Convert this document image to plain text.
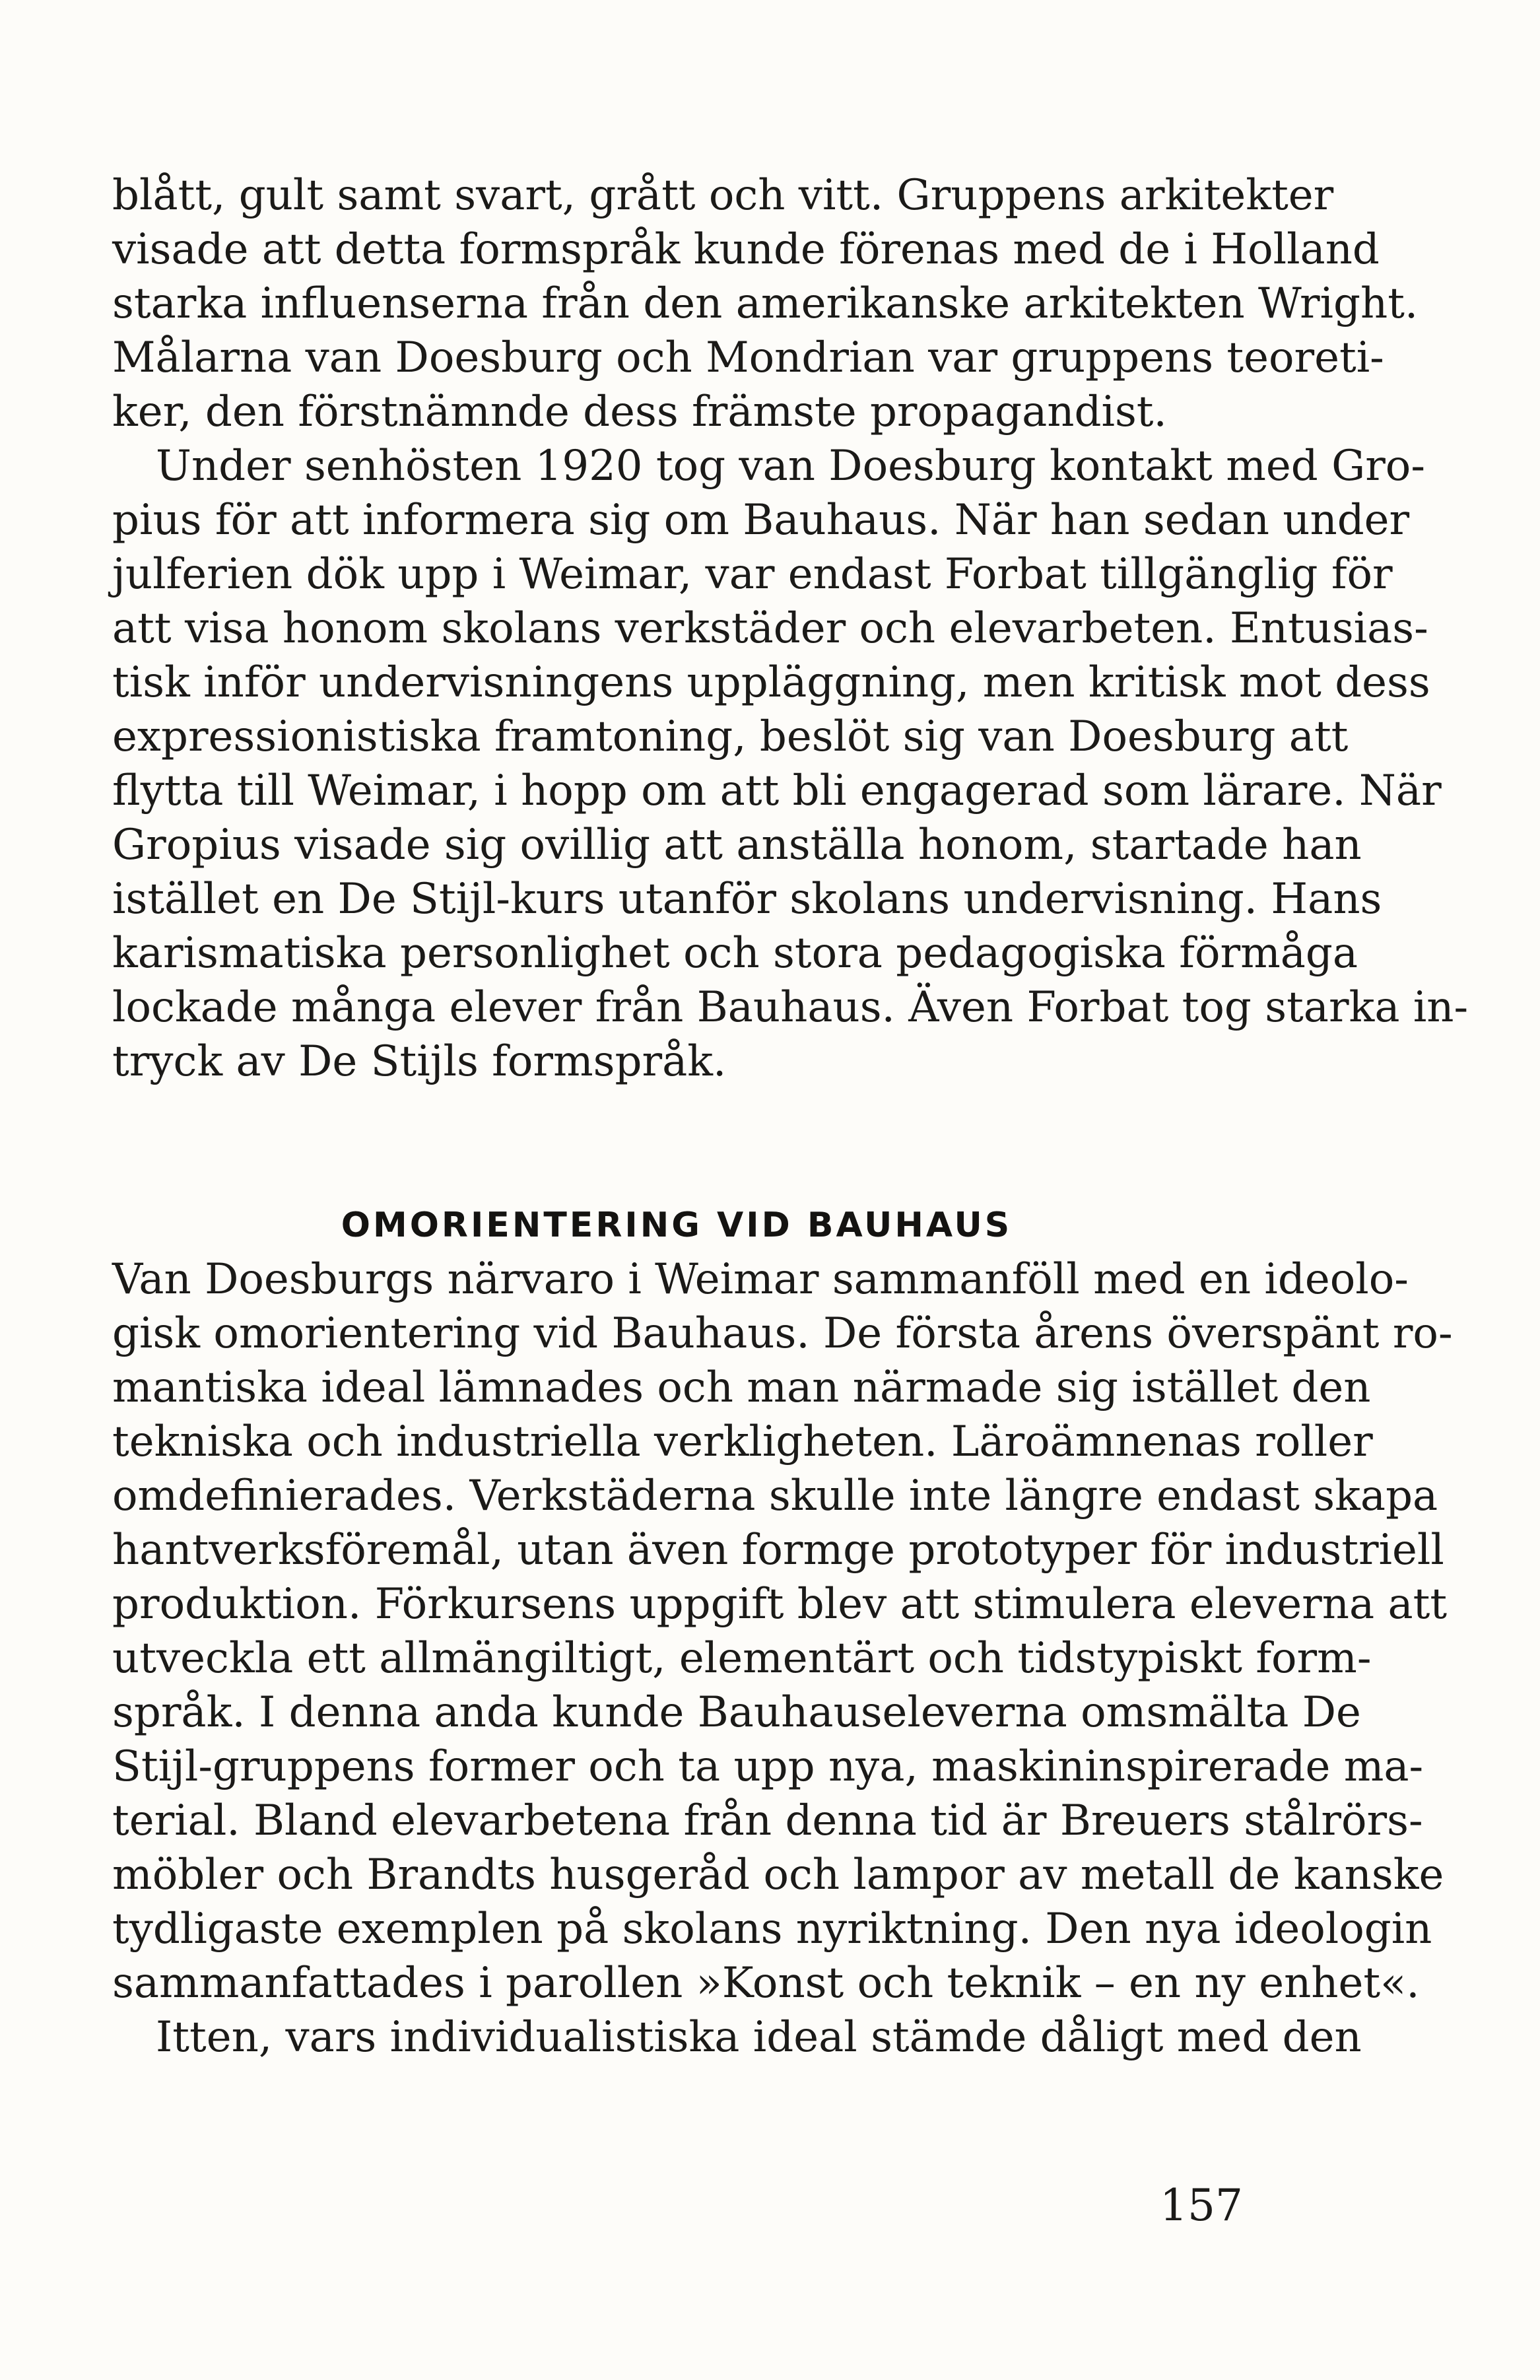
blått, gult samt svart, grått och vitt. Gruppens arkitekter
visade att detta formspråk kunde förenas med de i Holland
starka influenserna från den amerikanske arkitekten Wright.
Målarna van Doesburg och Mondrian var gruppens teoreti-
ker, den förstnämnde dess främste propagandist.

Under senhösten 1920 tog van Doesburg kontakt med Gro-
pius för att informera sig om Bauhaus. När han sedan under
julferien dök upp i Weimar, var endast Forbat tillgänglig för
att visa honom skolans verkstäder och elevarbeten. Entusias-
tisk inför undervisningens uppläggning, men kritisk mot dess
expressionistiska framtoning, beslöt sig van Doesburg att
flytta till Weimar, i hopp om att bli engagerad som lärare. När
Gropius visade sig ovillig att anställa honom, startade han
istället en De Stijl-kurs utanför skolans undervisning. Hans
karismatiska personlighet och stora pedagogiska förmåga
lockade många elever från Bauhaus. Även Forbat tog starka in-
tryck av De Stijls formspråk.

OMORIENTERING VID BAUHAUS

Van Doesburgs närvaro i Weimar sammanföll med en ideolo-
gisk omorientering vid Bauhaus. De första årens överspänt ro-
mantiska ideal lämnades och man närmade sig istället den
tekniska och industriella verkligheten. Läroämnenas roller
omdefinierades. Verkstäderna skulle inte längre endast skapa
hantverksföremål, utan även formge prototyper för industriell
produktion. Förkursens uppgift blev att stimulera eleverna att
utveckla ett allmängiltigt, elementärt och tidstypiskt form-
språk. I denna anda kunde Bauhauseleverna omsmälta De
Stijl-gruppens former och ta upp nya, maskininspirerade ma-
terial. Bland elevarbetena från denna tid är Breuers stålrörs-
möbler och Brandts husgeråd och lampor av metall de kanske
tydligaste exemplen på skolans nyriktning. Den nya ideologin
sammanfattades i parollen »Konst och teknik – en ny enhet«.

Itten, vars individualistiska ideal stämde dåligt med den

157
